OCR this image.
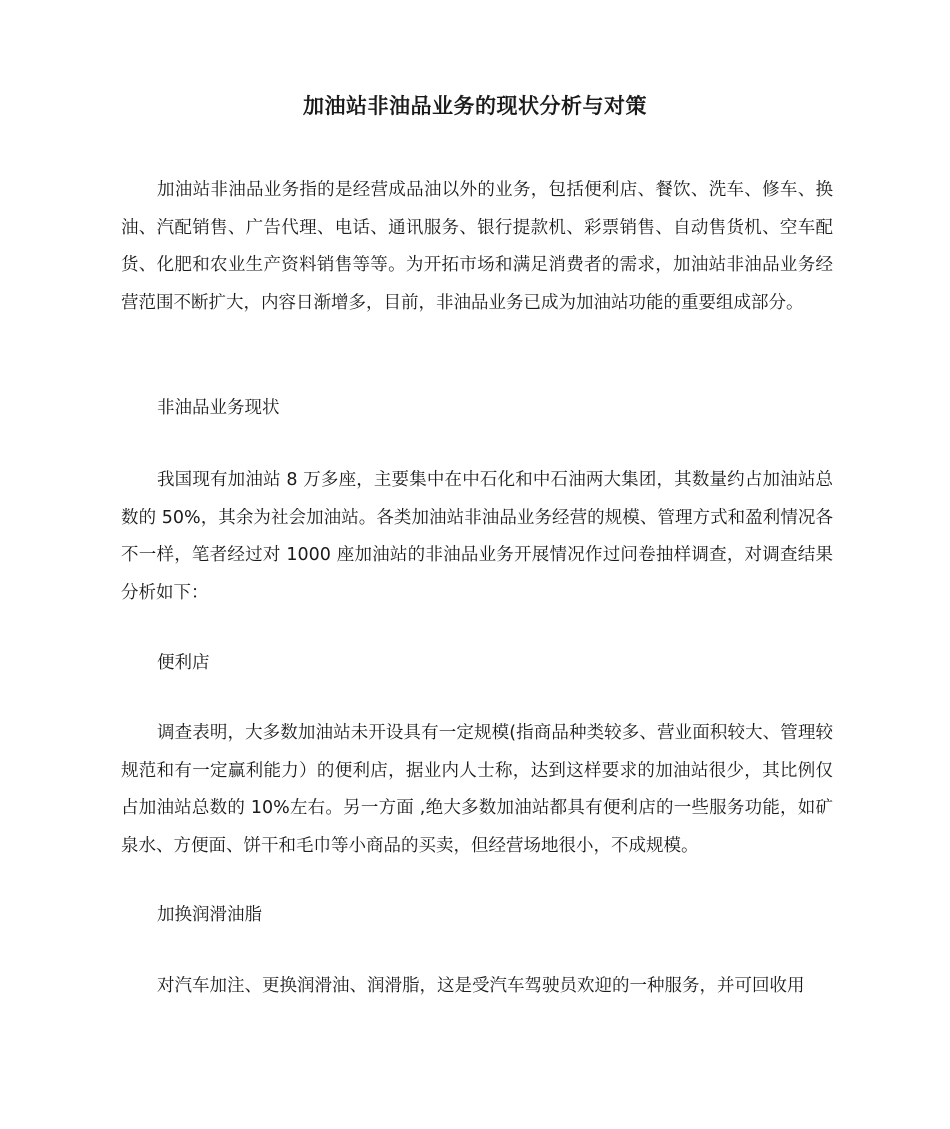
加油站非油品业务的现状分析与对策

加油站非油品业务指的是经营成品油以外的业务，包括便利店、餐饮、洗车、修车、换油、汽配销售、广告代理、电话、通讯服务、银行提款机、彩票销售、自动售货机、空车配货、化肥和农业生产资料销售等等。为开拓市场和满足消费者的需求，加油站非油品业务经营范围不断扩大，内容日渐增多，目前，非油品业务已成为加油站功能的重要组成部分。

非油品业务现状

我国现有加油站 8 万多座，主要集中在中石化和中石油两大集团，其数量约占加油站总数的 50%，其余为社会加油站。各类加油站非油品业务经营的规模、管理方式和盈利情况各不一样，笔者经过对 1000 座加油站的非油品业务开展情况作过问卷抽样调查，对调查结果分析如下：

便利店

调查表明，大多数加油站未开设具有一定规模(指商品种类较多、营业面积较大、管理较规范和有一定赢利能力）的便利店，据业内人士称，达到这样要求的加油站很少，其比例仅占加油站总数的 10%左右。另一方面 ,绝大多数加油站都具有便利店的一些服务功能，如矿泉水、方便面、饼干和毛巾等小商品的买卖，但经营场地很小，不成规模。

加换润滑油脂

对汽车加注、更换润滑油、润滑脂，这是受汽车驾驶员欢迎的一种服务，并可回收用
